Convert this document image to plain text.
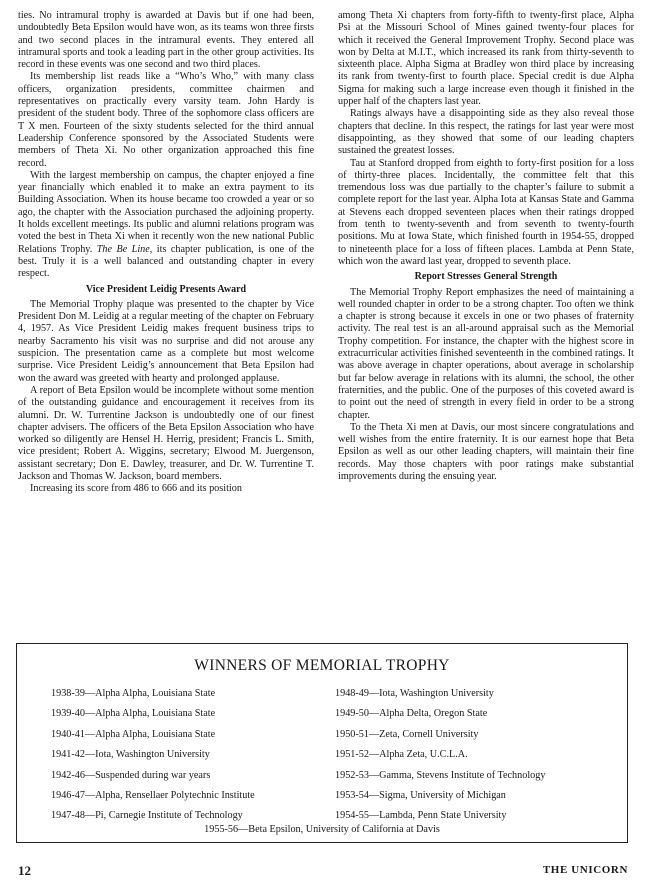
ties. No intramural trophy is awarded at Davis but if one had been, undoubtedly Beta Epsilon would have won, as its teams won three firsts and two second places in the intramural events. They entered all intramural sports and took a leading part in the other group activities. Its record in these events was one second and two third places.

Its membership list reads like a “Who’s Who,” with many class officers, organization presidents, committee chairmen and representatives on practically every varsity team. John Hardy is president of the student body. Three of the sophomore class officers are T X men. Fourteen of the sixty students selected for the third annual Leadership Conference sponsored by the Associated Students were members of Theta Xi. No other organization approached this fine record.

With the largest membership on campus, the chapter enjoyed a fine year financially which enabled it to make an extra payment to its Building Association. When its house became too crowded a year or so ago, the chapter with the Association purchased the adjoining property. It holds excellent meetings. Its public and alumni relations program was voted the best in Theta Xi when it recently won the new national Public Relations Trophy. The Be Line, its chapter publication, is one of the best. Truly it is a well balanced and outstanding chapter in every respect.

Vice President Leidig Presents Award

The Memorial Trophy plaque was presented to the chapter by Vice President Don M. Leidig at a regular meeting of the chapter on February 4, 1957. As Vice President Leidig makes frequent business trips to nearby Sacramento his visit was no surprise and did not arouse any suspicion. The presentation came as a complete but most welcome surprise. Vice President Leidig’s announcement that Beta Epsilon had won the award was greeted with hearty and prolonged applause.

A report of Beta Epsilon would be incomplete without some mention of the outstanding guidance and encouragement it receives from its alumni. Dr. W. Turrentine Jackson is undoubtedly one of our finest chapter advisers. The officers of the Beta Epsilon Association who have worked so diligently are Hensel H. Herrig, president; Francis L. Smith, vice president; Robert A. Wiggins, secretary; Elwood M. Juergenson, assistant secretary; Don E. Dawley, treasurer, and Dr. W. Turrentine T. Jackson and Thomas W. Jackson, board members.

Increasing its score from 486 to 666 and its position

among Theta Xi chapters from forty-fifth to twenty-first place, Alpha Psi at the Missouri School of Mines gained twenty-four places for which it received the General Improvement Trophy. Second place was won by Delta at M.I.T., which increased its rank from thirty-seventh to sixteenth place. Alpha Sigma at Bradley won third place by increasing its rank from twenty-first to fourth place. Special credit is due Alpha Sigma for making such a large increase even though it finished in the upper half of the chapters last year.

Ratings always have a disappointing side as they also reveal those chapters that decline. In this respect, the ratings for last year were most disappointing, as they showed that some of our leading chapters sustained the greatest losses.

Tau at Stanford dropped from eighth to forty-first position for a loss of thirty-three places. Incidentally, the committee felt that this tremendous loss was due partially to the chapter’s failure to submit a complete report for the last year. Alpha Iota at Kansas State and Gamma at Stevens each dropped seventeen places when their ratings dropped from tenth to twenty-seventh and from seventh to twenty-fourth positions. Mu at Iowa State, which finished fourth in 1954-55, dropped to nineteenth place for a loss of fifteen places. Lambda at Penn State, which won the award last year, dropped to seventh place.

Report Stresses General Strength

The Memorial Trophy Report emphasizes the need of maintaining a well rounded chapter in order to be a strong chapter. Too often we think a chapter is strong because it excels in one or two phases of fraternity activity. The real test is an all-around appraisal such as the Memorial Trophy competition. For instance, the chapter with the highest score in extracurricular activities finished seventeenth in the combined ratings. It was above average in chapter operations, about average in scholarship but far below average in relations with its alumni, the school, the other fraternities, and the public. One of the purposes of this coveted award is to point out the need of strength in every field in order to be a strong chapter.

To the Theta Xi men at Davis, our most sincere congratulations and well wishes from the entire fraternity. It is our earnest hope that Beta Epsilon as well as our other leading chapters, will maintain their fine records. May those chapters with poor ratings make substantial improvements during the ensuing year.

WINNERS OF MEMORIAL TROPHY
1938-39—Alpha Alpha, Louisiana State
1939-40—Alpha Alpha, Louisiana State
1940-41—Alpha Alpha, Louisiana State
1941-42—Iota, Washington University
1942-46—Suspended during war years
1946-47—Alpha, Rensellaer Polytechnic Institute
1947-48—Pi, Carnegie Institute of Technology
1948-49—Iota, Washington University
1949-50—Alpha Delta, Oregon State
1950-51—Zeta, Cornell University
1951-52—Alpha Zeta, U.C.L.A.
1952-53—Gamma, Stevens Institute of Technology
1953-54—Sigma, University of Michigan
1954-55—Lambda, Penn State University
1955-56—Beta Epsilon, University of California at Davis
12	THE UNICORN
